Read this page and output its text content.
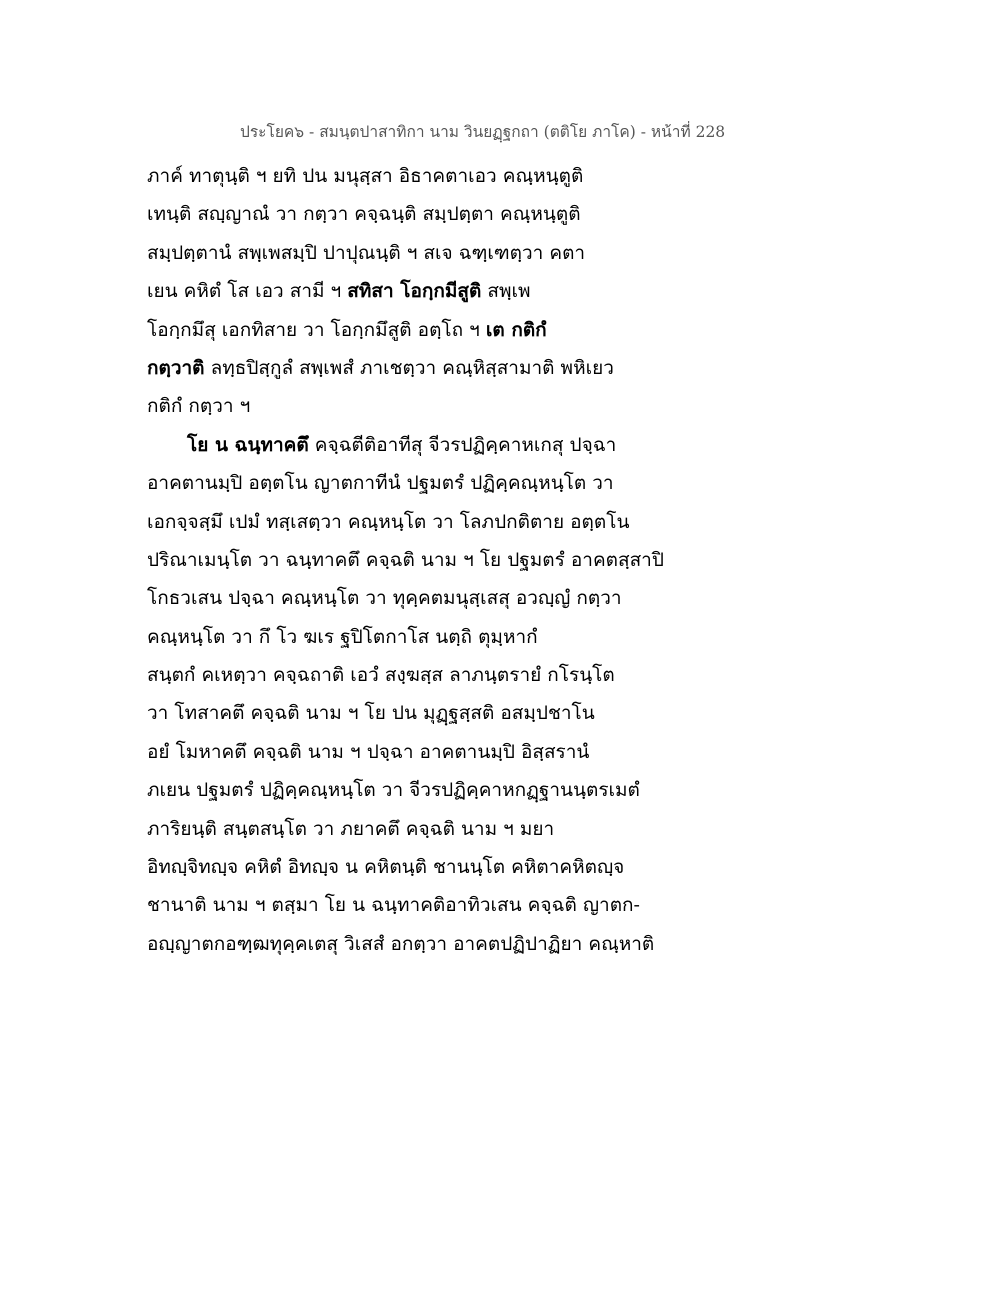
ประโยค๖ - สมนฺตปาสาทิกา นาม วินยฏฺฐกถา (ตติโย ภาโค) - หน้าที่ 228
ภาค์ ทาตุนฺติ ฯ ยทิ ปน มนุสฺสา อิธาคตาเอว คณฺหนฺตูติ
เทนฺติ สญฺญาณํ วา กตฺวา คจฺฉนฺติ สมฺปตฺตา คณฺหนฺตูติ
สมฺปตฺตานํ สพฺเพสมฺปิ ปาปุณนฺติ ฯ สเจ ฉฑฺเฑตฺวา คตา
เยน คหิตํ โส เอว สามี ฯ สทิสา โอกฺกมีสูติ สพฺเพ
โอกฺกมึสุ เอกทิสาย วา โอกฺกมึสูติ อตฺโถ ฯ เต กติกํ
กตฺวาติ ลทฺธปิสฺกูลํ สพฺเพสํ ภาเชตฺวา คณฺหิสฺสามาติ พหิเยว
กติกํ กตฺวา ฯ
โย น ฉนฺทาคตึ คจฺฉตีติอาทีสุ จีวรปฏิคฺคาหเกสุ ปจฺฉา
อาคตานมฺปิ อตฺตโน ญาตกาทีนํ ปฐมตรํ ปฏิคฺคณฺหนฺโต วา
เอกจฺจสฺมึ เปมํ ทสฺเสตฺวา คณฺหนฺโต วา โลภปกติตาย อตฺตโน
ปริณาเมนฺโต วา ฉนฺทาคตึ คจฺฉติ นาม ฯ โย ปฐมตรํ อาคตสฺสาปิ
โกธวเสน ปจฺฉา คณฺหนฺโต วา ทุคฺคตมนุสฺเสสุ อวญฺญํ กตฺวา
คณฺหนฺโต วา กึ โว ฆเร ฐปิโตกาโส นตฺถิ ตุมฺหากํ
สนฺตกํ คเหตฺวา คจฺฉถาติ เอวํ สงฺฆสฺส ลาภนฺตรายํ กโรนฺโต
วา โทสาคตึ คจฺฉติ นาม ฯ โย ปน มุฏฺฐสฺสติ อสมฺปชาโน
อยํ โมหาคตึ คจฺฉติ นาม ฯ ปจฺฉา อาคตานมฺปิ อิสฺสรานํ
ภเยน ปฐมตรํ ปฏิคฺคณฺหนฺโต วา จีวรปฏิคฺคาหกฏฺฐานนฺตรเมตํ
ภาริยนฺติ สนฺตสนฺโต วา ภยาคตึ คจฺฉติ นาม ฯ มยา
อิทญฺจิทญฺจ คหิตํ อิทญฺจ น คหิตนฺติ ชานนฺโต คหิตาคหิตญฺจ
ชานาติ นาม ฯ ตสฺมา โย น ฉนฺทาคติอาทิวเสน คจฺฉติ ญาตก-
อญฺญาตกอฑฺฒทุคฺคเตสุ วิเสสํ อกตฺวา อาคตปฏิปาฏิยา คณฺหาติ
